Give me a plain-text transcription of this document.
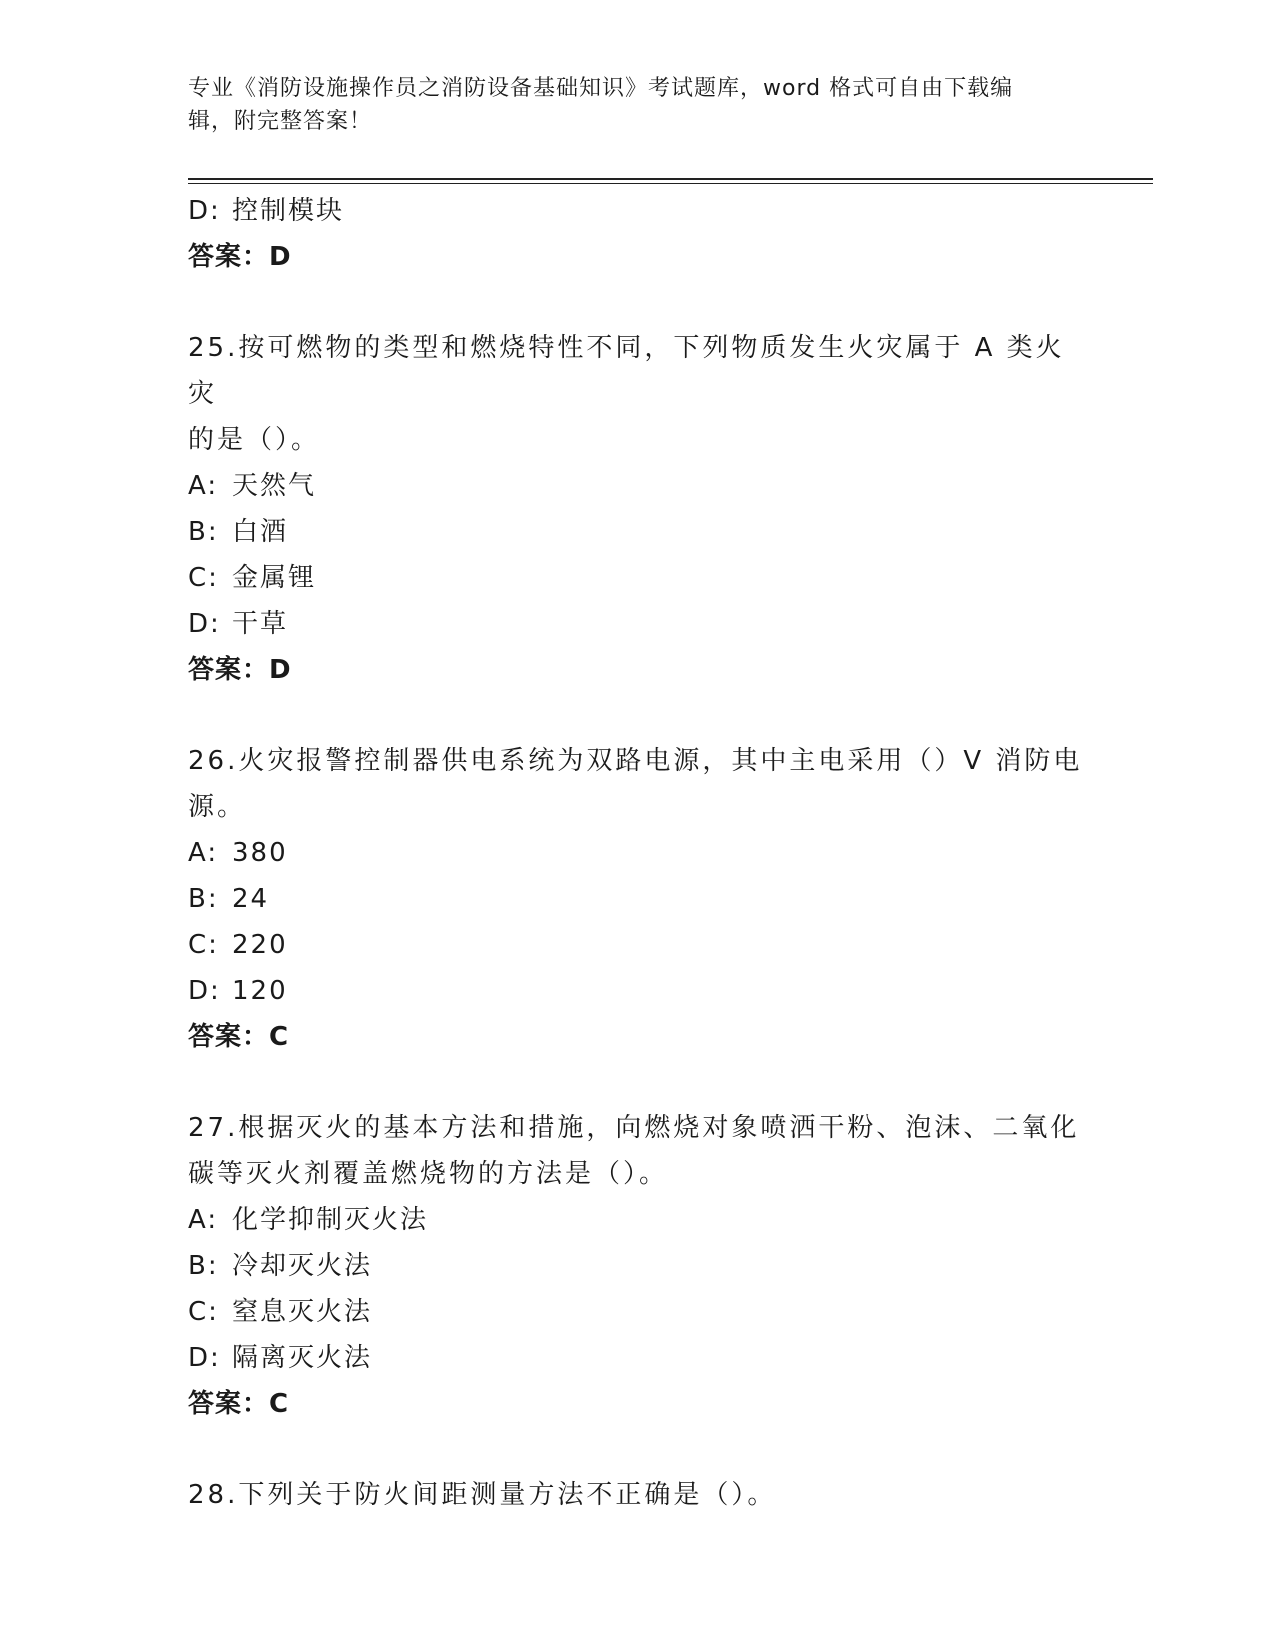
专业《消防设施操作员之消防设备基础知识》考试题库，word 格式可自由下载编
辑，附完整答案！
D: 控制模块
答案：D
25.按可燃物的类型和燃烧特性不同，下列物质发生火灾属于 A 类火灾
的是（）。
A: 天然气
B: 白酒
C: 金属锂
D: 干草
答案：D
26.火灾报警控制器供电系统为双路电源，其中主电采用（）V 消防电
源。
A: 380
B: 24
C: 220
D: 120
答案：C
27.根据灭火的基本方法和措施，向燃烧对象喷洒干粉、泡沫、二氧化
碳等灭火剂覆盖燃烧物的方法是（）。
A: 化学抑制灭火法
B: 冷却灭火法
C: 窒息灭火法
D: 隔离灭火法
答案：C
28.下列关于防火间距测量方法不正确是（）。
